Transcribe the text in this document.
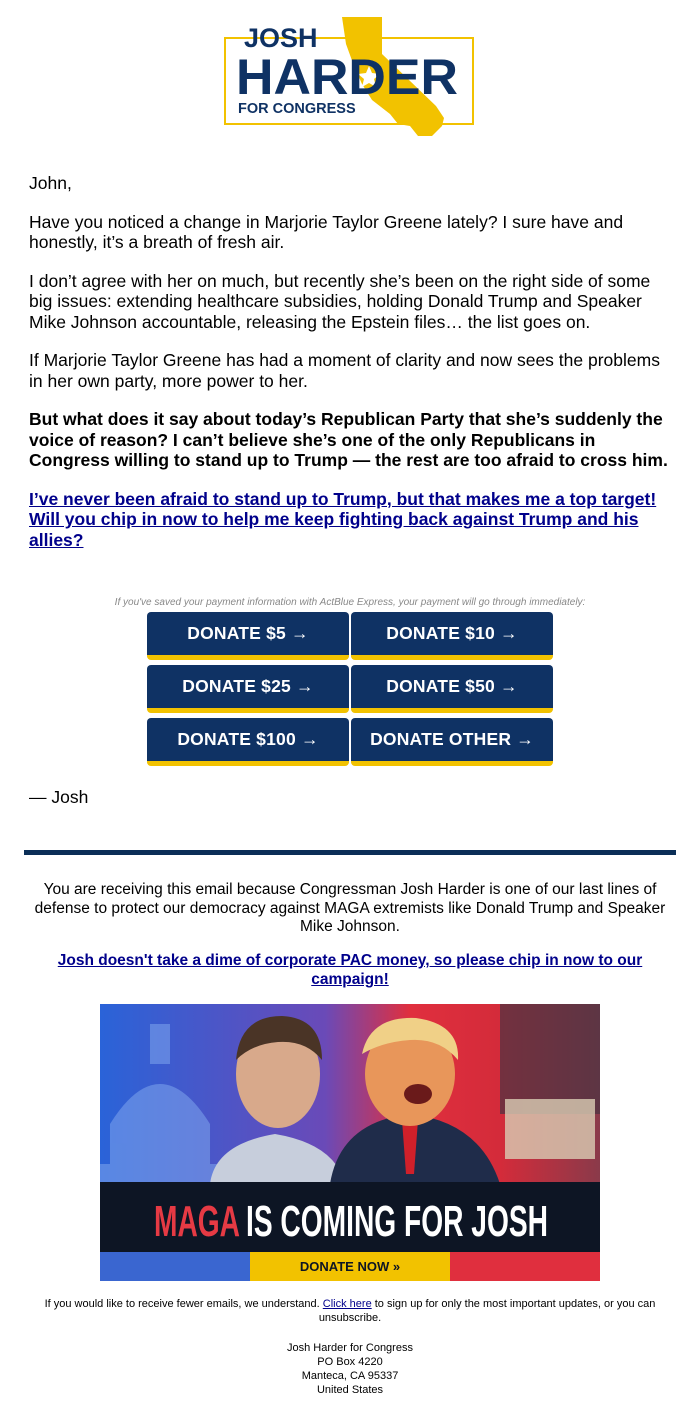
JOSH
HARDER
FOR CONGRESS

John,

Have you noticed a change in Marjorie Taylor Greene lately? I sure have and honestly, it’s a breath of fresh air.

I don’t agree with her on much, but recently she’s been on the right side of some big issues: extending healthcare subsidies, holding Donald Trump and Speaker Mike Johnson accountable, releasing the Epstein files… the list goes on.

If Marjorie Taylor Greene has had a moment of clarity and now sees the problems in her own party, more power to her.

But what does it say about today’s Republican Party that she’s suddenly the voice of reason? I can’t believe she’s one of the only Republicans in Congress willing to stand up to Trump — the rest are too afraid to cross him.

I’ve never been afraid to stand up to Trump, but that makes me a top target! Will you chip in now to help me keep fighting back against Trump and his allies?
If you've saved your payment information with ActBlue Express, your payment will go through immediately:
DONATE $5 →	DONATE $10 →
DONATE $25 →	DONATE $50 →
DONATE $100 →	DONATE OTHER →
— Josh
You are receiving this email because Congressman Josh Harder is one of our last lines of defense to protect our democracy against MAGA extremists like Donald Trump and Speaker Mike Johnson.
Josh doesn't take a dime of corporate PAC money, so please chip in now to our campaign!
MAGA IS COMING FOR JOSH
DONATE NOW »
If you would like to receive fewer emails, we understand. Click here to sign up for only the most important updates, or you can unsubscribe.
Josh Harder for Congress
PO Box 4220
Manteca, CA 95337
United States
